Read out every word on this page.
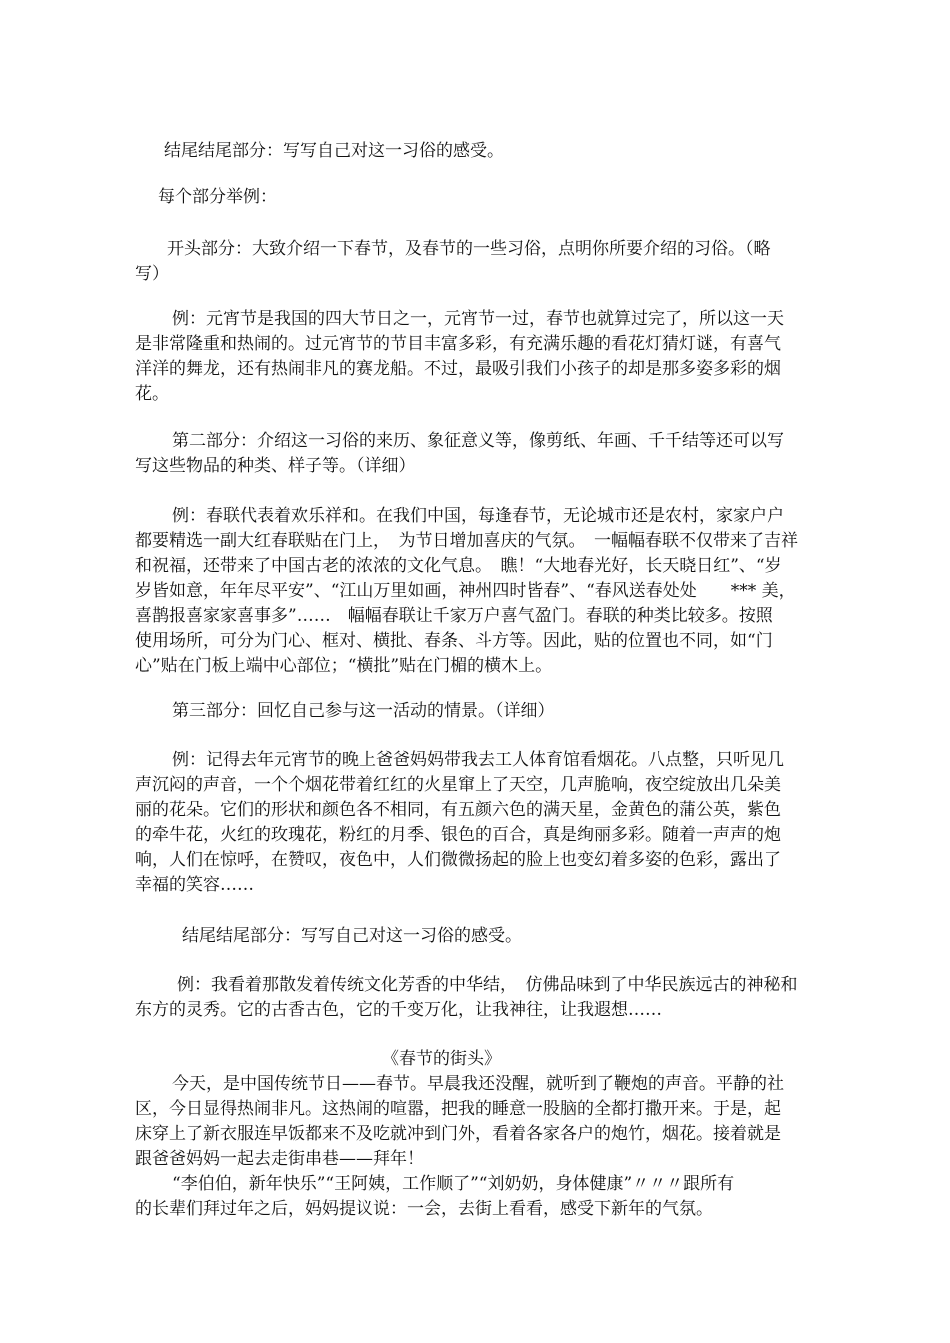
结尾结尾部分：写写自己对这一习俗的感受。
每个部分举例：
开头部分：大致介绍一下春节，及春节的一些习俗，点明你所要介绍的习俗。（略
写）
例：元宵节是我国的四大节日之一，元宵节一过，春节也就算过完了，所以这一天
是非常隆重和热闹的。过元宵节的节目丰富多彩，有充满乐趣的看花灯猜灯谜，有喜气
洋洋的舞龙，还有热闹非凡的赛龙船。不过，最吸引我们小孩子的却是那多姿多彩的烟
花。
第二部分：介绍这一习俗的来历、象征意义等，像剪纸、年画、千千结等还可以写
写这些物品的种类、样子等。（详细）
例：春联代表着欢乐祥和。在我们中国，每逢春节，无论城市还是农村，家家户户
都要精选一副大红春联贴在门上，　为节日增加喜庆的气氛。　一幅幅春联不仅带来了吉祥
和祝福，还带来了中国古老的浓浓的文化气息。　瞧！“大地春光好，长天晓日红”、“岁
岁皆如意，年年尽平安”、“江山万里如画，神州四时皆春”、“春风送春处处　　*** 美，
喜鹊报喜家家喜事多”……　幅幅春联让千家万户喜气盈门。春联的种类比较多。按照
使用场所，可分为门心、框对、横批、春条、斗方等。因此，贴的位置也不同，如“门
心”贴在门板上端中心部位；“横批”贴在门楣的横木上。
第三部分：回忆自己参与这一活动的情景。（详细）
例：记得去年元宵节的晚上爸爸妈妈带我去工人体育馆看烟花。八点整，只听见几
声沉闷的声音，一个个烟花带着红红的火星窜上了天空，几声脆响，夜空绽放出几朵美
丽的花朵。它们的形状和颜色各不相同，有五颜六色的满天星，金黄色的蒲公英，紫色
的牵牛花，火红的玫瑰花，粉红的月季、银色的百合，真是绚丽多彩。随着一声声的炮
响，人们在惊呼，在赞叹，夜色中，人们微微扬起的脸上也变幻着多姿的色彩，露出了
幸福的笑容……
结尾结尾部分：写写自己对这一习俗的感受。
例：我看着那散发着传统文化芳香的中华结，　仿佛品味到了中华民族远古的神秘和
东方的灵秀。它的古香古色，它的千变万化，让我神往，让我遐想……
《春节的街头》
今天，是中国传统节日——春节。早晨我还没醒，就听到了鞭炮的声音。平静的社
区，今日显得热闹非凡。这热闹的喧嚣，把我的睡意一股脑的全都打撒开来。于是，起
床穿上了新衣服连早饭都来不及吃就冲到门外，看着各家各户的炮竹，烟花。接着就是
跟爸爸妈妈一起去走街串巷——拜年！
“李伯伯，新年快乐”“王阿姨，工作顺了”“刘奶奶，身体健康”〃〃〃跟所有
的长辈们拜过年之后，妈妈提议说：一会，去街上看看，感受下新年的气氛。
